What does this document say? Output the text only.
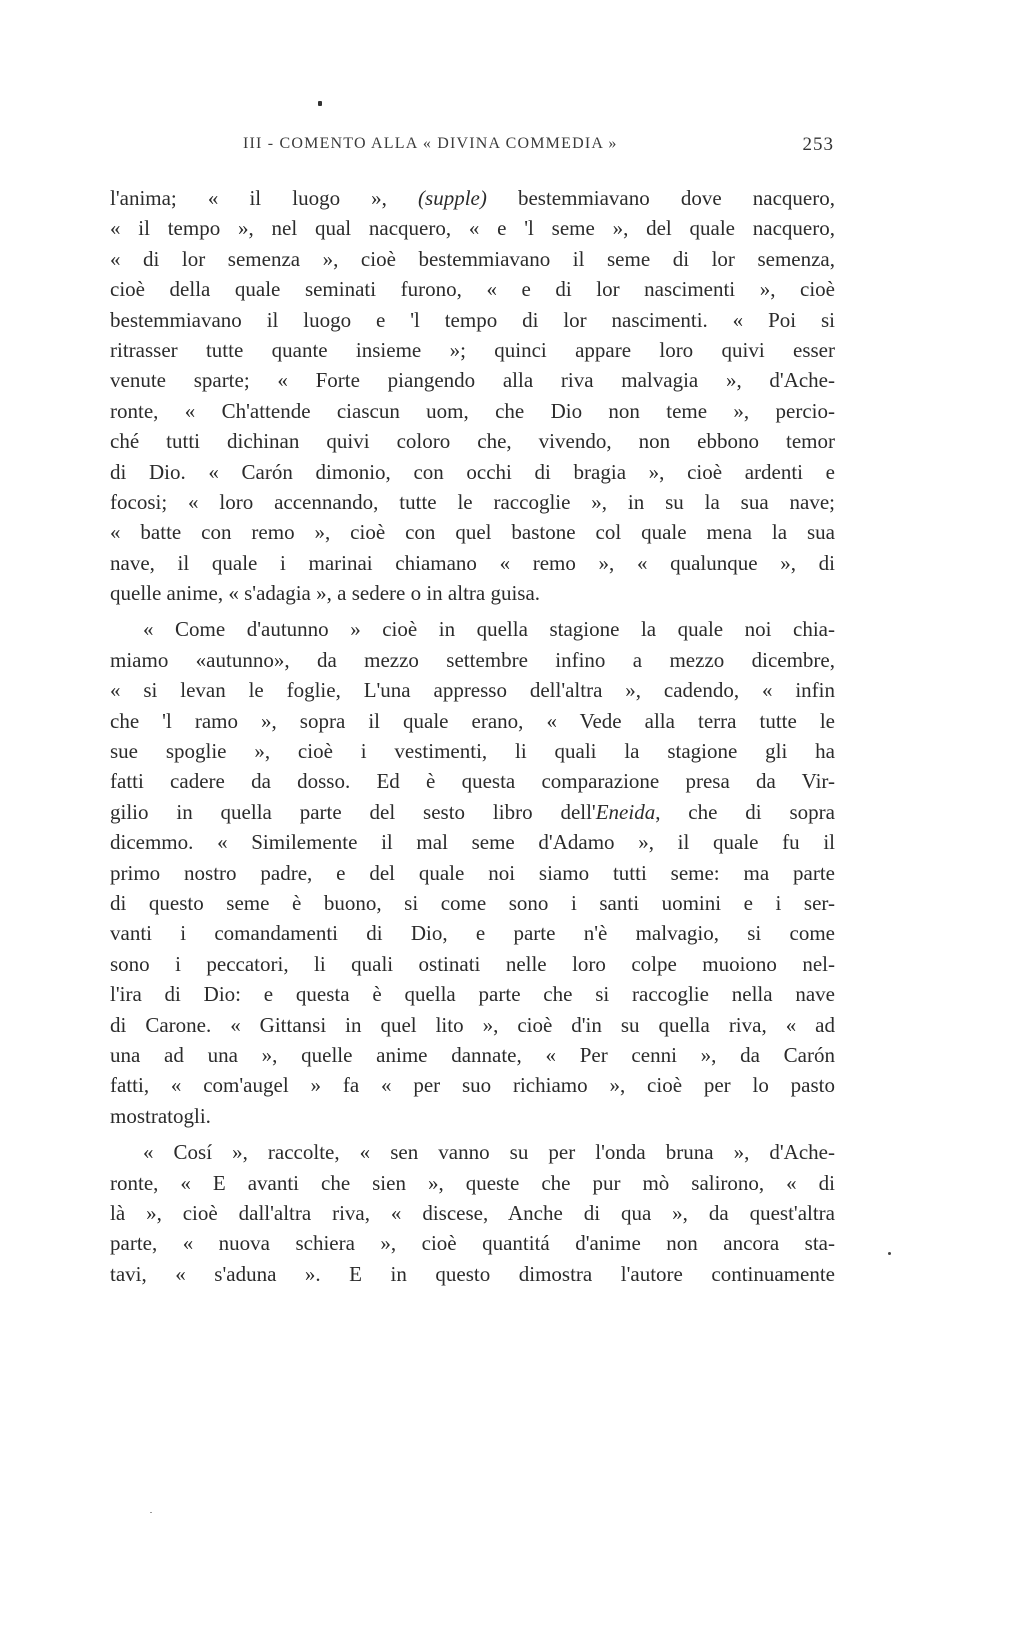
III - COMENTO ALLA « DIVINA COMMEDIA »	253
l'anima; « il luogo », (supple) bestemmiavano dove nacquero,
« il tempo », nel qual nacquero, « e 'l seme », del quale nacquero,
« di lor semenza », cioè bestemmiavano il seme di lor semenza,
cioè della quale seminati furono, « e di lor nascimenti », cioè
bestemmiavano il luogo e 'l tempo di lor nascimenti. « Poi si
ritrasser tutte quante insieme »; quinci appare loro quivi esser
venute sparte; « Forte piangendo alla riva malvagia », d'Ache-
ronte, « Ch'attende ciascun uom, che Dio non teme », percio-
ché tutti dichinan quivi coloro che, vivendo, non ebbono temor
di Dio. « Carón dimonio, con occhi di bragia », cioè ardenti e
focosi; « loro accennando, tutte le raccoglie », in su la sua nave;
« batte con remo », cioè con quel bastone col quale mena la sua
nave, il quale i marinai chiamano « remo », « qualunque », di
quelle anime, « s'adagia », a sedere o in altra guisa.
« Come d'autunno » cioè in quella stagione la quale noi chia-
miamo «autunno», da mezzo settembre infino a mezzo dicembre,
« si levan le foglie, L'una appresso dell'altra », cadendo, « infin
che 'l ramo », sopra il quale erano, « Vede alla terra tutte le
sue spoglie », cioè i vestimenti, li quali la stagione gli ha
fatti cadere da dosso. Ed è questa comparazione presa da Vir-
gilio in quella parte del sesto libro dell'Eneida, che di sopra
dicemmo. « Similemente il mal seme d'Adamo », il quale fu il
primo nostro padre, e del quale noi siamo tutti seme: ma parte
di questo seme è buono, si come sono i santi uomini e i ser-
vanti i comandamenti di Dio, e parte n'è malvagio, si come
sono i peccatori, li quali ostinati nelle loro colpe muoiono nel-
l'ira di Dio: e questa è quella parte che si raccoglie nella nave
di Carone. « Gittansi in quel lito », cioè d'in su quella riva, « ad
una ad una », quelle anime dannate, « Per cenni », da Carón
fatti, « com'augel » fa « per suo richiamo », cioè per lo pasto
mostratogli.
« Cosí », raccolte, « sen vanno su per l'onda bruna », d'Ache-
ronte, « E avanti che sien », queste che pur mò salirono, « di
là », cioè dall'altra riva, « discese, Anche di qua », da quest'altra
parte, « nuova schiera », cioè quantitá d'anime non ancora sta-
tavi, « s'aduna ». E in questo dimostra l'autore continuamente
